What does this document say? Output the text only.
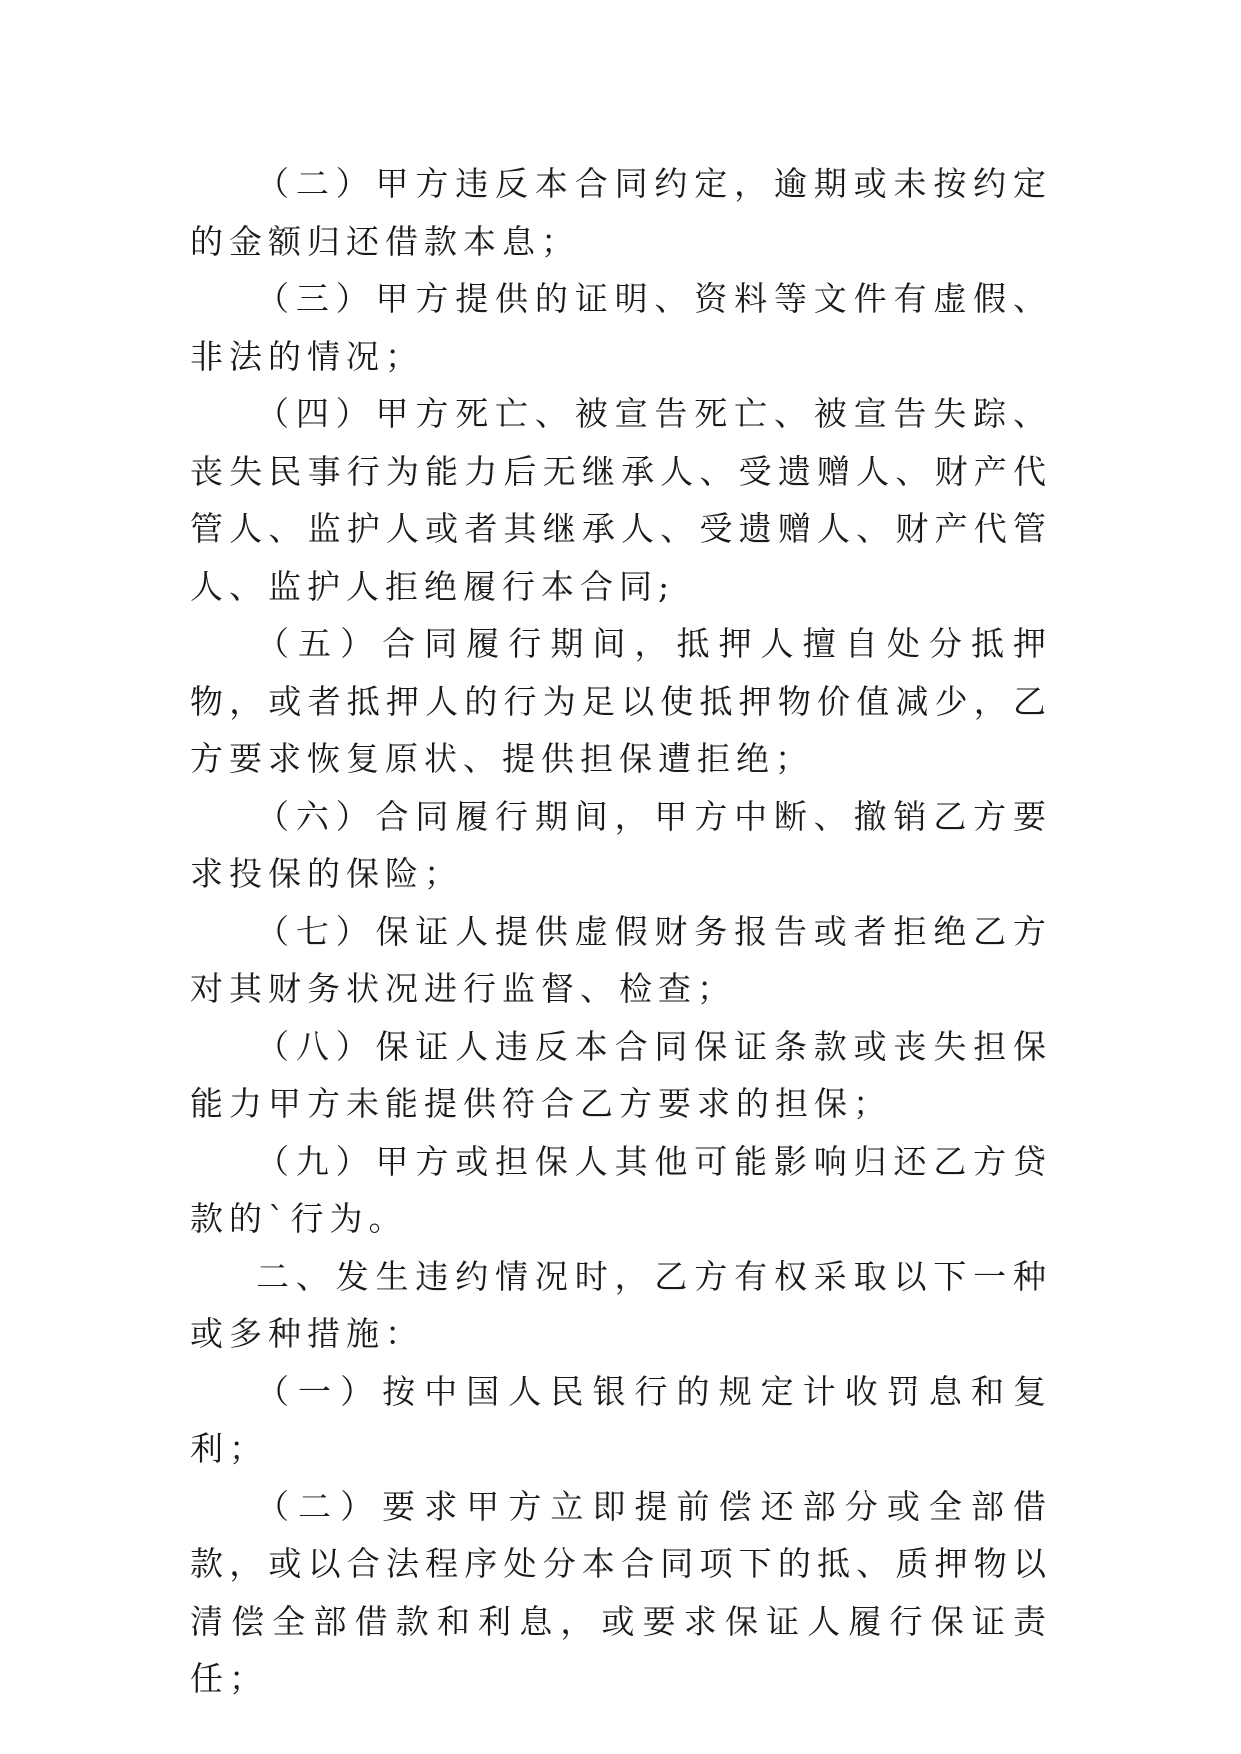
（二）甲方违反本合同约定，逾期或未按约定的金额归还借款本息；

（三）甲方提供的证明、资料等文件有虚假、非法的情况；

（四）甲方死亡、被宣告死亡、被宣告失踪、丧失民事行为能力后无继承人、受遗赠人、财产代管人、监护人或者其继承人、受遗赠人、财产代管人、监护人拒绝履行本合同;

（五）合同履行期间，抵押人擅自处分抵押物，或者抵押人的行为足以使抵押物价值减少，乙方要求恢复原状、提供担保遭拒绝；

（六）合同履行期间，甲方中断、撤销乙方要求投保的保险；

（七）保证人提供虚假财务报告或者拒绝乙方对其财务状况进行监督、检查；

（八）保证人违反本合同保证条款或丧失担保能力甲方未能提供符合乙方要求的担保；

（九）甲方或担保人其他可能影响归还乙方贷款的`行为。

二、发生违约情况时，乙方有权采取以下一种或多种措施：

（一）按中国人民银行的规定计收罚息和复利；

（二）要求甲方立即提前偿还部分或全部借款，或以合法程序处分本合同项下的抵、质押物以清偿全部借款和利息，或要求保证人履行保证责任；
